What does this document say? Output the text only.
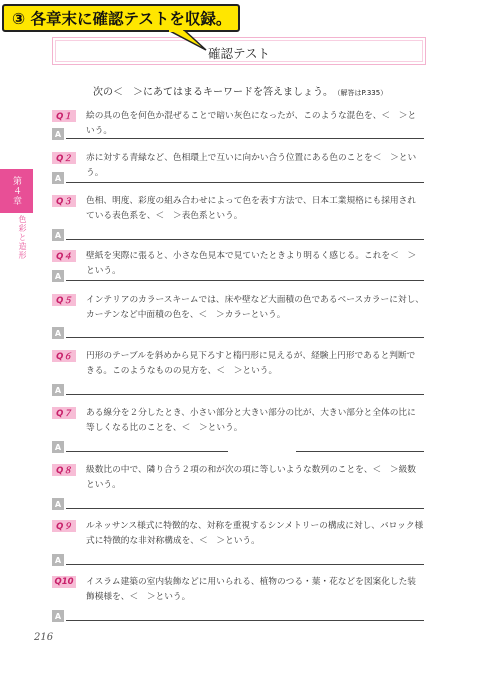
③ 各章末に確認テストを収録。
確認テスト
第４章
色彩と造形
次の＜　＞にあてはまるキーワードを答えましょう。 （解答はP.335）
Q１	絵の具の色を何色か混ぜることで暗い灰色になったが、このような混色を、＜　＞という。
A
Q２	赤に対する青緑など、色相環上で互いに向かい合う位置にある色のことを＜　＞という。
A
Q３	色相、明度、彩度の組み合わせによって色を表す方法で、日本工業規格にも採用されている表色系を、＜　＞表色系という。
A
Q４	壁紙を実際に張ると、小さな色見本で見ていたときより明るく感じる。これを＜　＞という。
A
Q５	インテリアのカラースキームでは、床や壁など大面積の色であるベースカラーに対し、カーテンなど中面積の色を、＜　＞カラーという。
A
Q６	円形のテーブルを斜めから見下ろすと楕円形に見えるが、経験上円形であると判断できる。このようなものの見方を、＜　＞という。
A
Q７	ある線分を２分したとき、小さい部分と大きい部分の比が、大きい部分と全体の比に等しくなる比のことを、＜　＞という。
A
Q８	級数比の中で、隣り合う２項の和が次の項に等しいような数列のことを、＜　＞級数という。
A
Q９	ルネッサンス様式に特徴的な、対称を重視するシンメトリーの構成に対し、バロック様式に特徴的な非対称構成を、＜　＞という。
A
Q10 イスラム建築の室内装飾などに用いられる、植物のつる・葉・花などを図案化した装飾模様を、＜　＞という。
A
216
